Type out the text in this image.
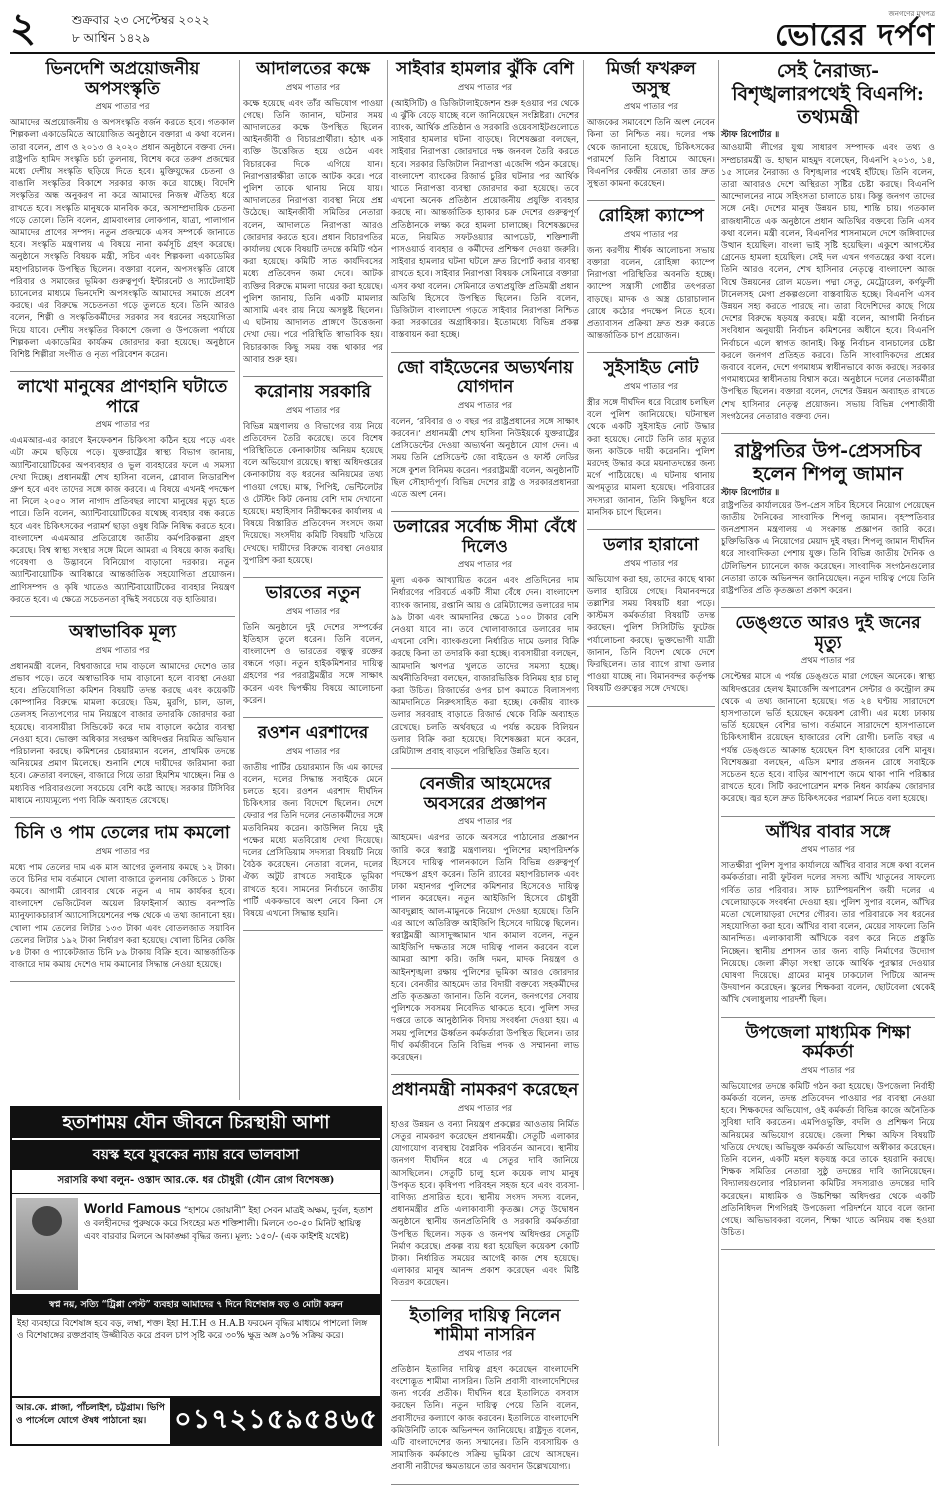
২	শুক্রবার ২৩ সেপ্টেম্বর ২০২২
৮ আশ্বিন ১৪২৯
জনগণের মুখপত্র
ভোরের দর্পণ
ভিনদেশি অপ্রয়োজনীয় অপসংস্কৃতি
প্রথম পাতার পর

আমাদের অপ্রয়োজনীয় ও অপসংস্কৃতি বর্জন করতে হবে। গতকাল শিল্পকলা একাডেমিতে আয়োজিত অনুষ্ঠানে বক্তারা এ কথা বলেন। তারা বলেন, প্রাণ ও ২০১৩ ও ২০২০ প্রধান অনুষ্ঠানে বক্তব্য দেন। রাষ্ট্রপতি হামিদ সংস্কৃতি চর্চা তুলনায়, বিশেষ করে তরুণ প্রজন্মের মধ্যে দেশীয় সংস্কৃতি ছড়িয়ে দিতে হবে। মুক্তিযুদ্ধের চেতনা ও বাঙালি সংস্কৃতির বিকাশে সরকার কাজ করে যাচ্ছে। বিদেশি সংস্কৃতির অন্ধ অনুকরণ না করে আমাদের নিজস্ব ঐতিহ্য ধরে রাখতে হবে। সংস্কৃতি মানুষকে মানবিক করে, অসাম্প্রদায়িক চেতনা গড়ে তোলে। তিনি বলেন, গ্রামবাংলার লোকগান, যাত্রা, পালাগান আমাদের প্রাণের সম্পদ। নতুন প্রজন্মকে এসব সম্পর্কে জানাতে হবে। সংস্কৃতি মন্ত্রণালয় এ বিষয়ে নানা কর্মসূচি গ্রহণ করেছে। অনুষ্ঠানে সংস্কৃতি বিষয়ক মন্ত্রী, সচিব এবং শিল্পকলা একাডেমির মহাপরিচালক উপস্থিত ছিলেন। বক্তারা বলেন, অপসংস্কৃতি রোধে পরিবার ও সমাজের ভূমিকা গুরুত্বপূর্ণ। ইন্টারনেট ও স্যাটেলাইট চ্যানেলের মাধ্যমে ভিনদেশি অপসংস্কৃতি আমাদের সমাজে প্রবেশ করছে। এর বিরুদ্ধে সচেতনতা গড়ে তুলতে হবে। তিনি আরও বলেন, শিল্পী ও সংস্কৃতিকর্মীদের সরকার সব ধরনের সহযোগিতা দিয়ে যাবে। দেশীয় সংস্কৃতির বিকাশে জেলা ও উপজেলা পর্যায়ে শিল্পকলা একাডেমির কার্যক্রম জোরদার করা হয়েছে। অনুষ্ঠানে বিশিষ্ট শিল্পীরা সংগীত ও নৃত্য পরিবেশন করেন।

লাখো মানুষের প্রাণহানি ঘটাতে পারে
প্রথম পাতার পর

এএমআর-এর কারণে ইনফেকশন চিকিৎসা কঠিন হয়ে পড়ে এবং এটা ক্রমে ছড়িয়ে পড়ে। যুক্তরাষ্ট্রের স্বাস্থ্য বিভাগ জানায়, অ্যান্টিবায়োটিকের অপব্যবহার ও ভুল ব্যবহারের ফলে এ সমস্যা দেখা দিচ্ছে। প্রধানমন্ত্রী শেখ হাসিনা বলেন, গ্লোবাল লিডারশিপ গ্রুপ হবে এবং তাদের সঙ্গে কাজ করবে। এ বিষয়ে এখনই পদক্ষেপ না নিলে ২০৫০ সাল নাগাদ প্রতিবছর লাখো মানুষের মৃত্যু হতে পারে। তিনি বলেন, অ্যান্টিবায়োটিকের যথেচ্ছ ব্যবহার বন্ধ করতে হবে এবং চিকিৎসকের পরামর্শ ছাড়া ওষুধ বিক্রি নিষিদ্ধ করতে হবে। বাংলাদেশ এএমআর প্রতিরোধে জাতীয় কর্মপরিকল্পনা গ্রহণ করেছে। বিশ্ব স্বাস্থ্য সংস্থার সঙ্গে মিলে আমরা এ বিষয়ে কাজ করছি। গবেষণা ও উদ্ভাবনে বিনিয়োগ বাড়ানো দরকার। নতুন অ্যান্টিবায়োটিক আবিষ্কারে আন্তর্জাতিক সহযোগিতা প্রয়োজন। প্রাণিসম্পদ ও কৃষি খাতেও অ্যান্টিবায়োটিকের ব্যবহার নিয়ন্ত্রণ করতে হবে। এ ক্ষেত্রে সচেতনতা বৃদ্ধিই সবচেয়ে বড় হাতিয়ার।

অস্বাভাবিক মূল্য
প্রথম পাতার পর

প্রধানমন্ত্রী বলেন, বিশ্ববাজারে দাম বাড়লে আমাদের দেশেও তার প্রভাব পড়ে। তবে অস্বাভাবিক দাম বাড়ানো হলে ব্যবস্থা নেওয়া হবে। প্রতিযোগিতা কমিশন বিষয়টি তদন্ত করছে এবং কয়েকটি কোম্পানির বিরুদ্ধে মামলা করেছে। ডিম, মুরগি, চাল, ডাল, তেলসহ নিত্যপণ্যের দাম নিয়ন্ত্রণে বাজার তদারকি জোরদার করা হয়েছে। ব্যবসায়ীরা সিন্ডিকেট করে দাম বাড়ালে কঠোর ব্যবস্থা নেওয়া হবে। ভোক্তা অধিকার সংরক্ষণ অধিদপ্তর নিয়মিত অভিযান পরিচালনা করছে। কমিশনের চেয়ারম্যান বলেন, প্রাথমিক তদন্তে অনিয়মের প্রমাণ মিলেছে। শুনানি শেষে দায়ীদের জরিমানা করা হবে। ক্রেতারা বলছেন, বাজারে গিয়ে তারা হিমশিম খাচ্ছেন। নিম্ন ও মধ্যবিত্ত পরিবারগুলো সবচেয়ে বেশি কষ্টে আছে। সরকার টিসিবির মাধ্যমে ন্যায্যমূল্যে পণ্য বিক্রি অব্যাহত রেখেছে।

চিনি ও পাম তেলের দাম কমলো
প্রথম পাতার পর

মধ্যে পাম তেলের দাম এক মাস আগের তুলনায় কমছে ১২ টাকা। তবে চিনির দাম বর্তমানে খোলা বাজারে তুলনায় কেজিতে ১ টাকা কমবে। আগামী রোববার থেকে নতুন এ দাম কার্যকর হবে। বাংলাদেশ ভেজিটেবল অয়েল রিফাইনার্স অ্যান্ড বনস্পতি ম্যানুফ্যাকচারার্স অ্যাসোসিয়েশনের পক্ষ থেকে এ তথ্য জানানো হয়। খোলা পাম তেলের লিটার ১৩৩ টাকা এবং বোতলজাত সয়াবিন তেলের লিটার ১৯২ টাকা নির্ধারণ করা হয়েছে। খোলা চিনির কেজি ৮৪ টাকা ও প্যাকেটজাত চিনি ৮৯ টাকায় বিক্রি হবে। আন্তর্জাতিক বাজারে দাম কমায় দেশেও দাম কমানোর সিদ্ধান্ত নেওয়া হয়েছে।

আদালতের কক্ষে
প্রথম পাতার পর

কক্ষে হয়েছে এবং তাঁর অভিযোগ পাওয়া গেছে। তিনি জানান, ঘটনার সময় আদালতের কক্ষে উপস্থিত ছিলেন আইনজীবী ও বিচারপ্রার্থীরা। হঠাৎ এক ব্যক্তি উত্তেজিত হয়ে ওঠেন এবং বিচারকের দিকে এগিয়ে যান। নিরাপত্তারক্ষীরা তাকে আটক করে। পরে পুলিশ তাকে থানায় নিয়ে যায়। আদালতের নিরাপত্তা ব্যবস্থা নিয়ে প্রশ্ন উঠেছে। আইনজীবী সমিতির নেতারা বলেন, আদালতে নিরাপত্তা আরও জোরদার করতে হবে। প্রধান বিচারপতির কার্যালয় থেকে বিষয়টি তদন্তে কমিটি গঠন করা হয়েছে। কমিটি সাত কার্যদিবসের মধ্যে প্রতিবেদন জমা দেবে। আটক ব্যক্তির বিরুদ্ধে মামলা দায়ের করা হয়েছে। পুলিশ জানায়, তিনি একটি মামলার আসামি এবং রায় নিয়ে অসন্তুষ্ট ছিলেন। এ ঘটনায় আদালত প্রাঙ্গণে উত্তেজনা দেখা দেয়। পরে পরিস্থিতি স্বাভাবিক হয়। বিচারকাজ কিছু সময় বন্ধ থাকার পর আবার শুরু হয়।

করোনায় সরকারি
প্রথম পাতার পর

বিভিন্ন মন্ত্রণালয় ও বিভাগের ব্যয় নিয়ে প্রতিবেদন তৈরি করেছে। তবে বিশেষ পরিস্থিতিতে কেনাকাটায় অনিয়ম হয়েছে বলে অভিযোগ রয়েছে। স্বাস্থ্য অধিদপ্তরের কেনাকাটায় বড় ধরনের অনিয়মের তথ্য পাওয়া গেছে। মাস্ক, পিপিই, ভেন্টিলেটর ও টেস্টিং কিট কেনায় বেশি দাম দেখানো হয়েছে। মহাহিসাব নিরীক্ষকের কার্যালয় এ বিষয়ে বিস্তারিত প্রতিবেদন সংসদে জমা দিয়েছে। সংসদীয় কমিটি বিষয়টি খতিয়ে দেখছে। দায়ীদের বিরুদ্ধে ব্যবস্থা নেওয়ার সুপারিশ করা হয়েছে।

ভারতের নতুন
প্রথম পাতার পর

তিনি অনুষ্ঠানে দুই দেশের সম্পর্কের ইতিহাস তুলে ধরেন। তিনি বলেন, বাংলাদেশ ও ভারতের বন্ধুত্ব রক্তের বন্ধনে গড়া। নতুন হাইকমিশনার দায়িত্ব গ্রহণের পর পররাষ্ট্রমন্ত্রীর সঙ্গে সাক্ষাৎ করেন এবং দ্বিপক্ষীয় বিষয়ে আলোচনা করেন।

রওশন এরশাদের
প্রথম পাতার পর

জাতীয় পার্টির চেয়ারম্যান জি এম কাদের বলেন, দলের সিদ্ধান্ত সবাইকে মেনে চলতে হবে। রওশন এরশাদ দীর্ঘদিন চিকিৎসার জন্য বিদেশে ছিলেন। দেশে ফেরার পর তিনি দলের নেতাকর্মীদের সঙ্গে মতবিনিময় করেন। কাউন্সিল নিয়ে দুই পক্ষের মধ্যে মতবিরোধ দেখা দিয়েছে। দলের প্রেসিডিয়াম সদস্যরা বিষয়টি নিয়ে বৈঠক করেছেন। নেতারা বলেন, দলের ঐক্য অটুট রাখতে সবাইকে ভূমিকা রাখতে হবে। সামনের নির্বাচনে জাতীয় পার্টি এককভাবে অংশ নেবে কিনা সে বিষয়ে এখনো সিদ্ধান্ত হয়নি।

সাইবার হামলার ঝুঁকি বেশি
প্রথম পাতার পর

(আইসিটি) ও ডিজিটালাইজেশন শুরু হওয়ার পর থেকে এ ঝুঁকি বেড়ে যাচ্ছে বলে জানিয়েছেন সংশ্লিষ্টরা। দেশের ব্যাংক, আর্থিক প্রতিষ্ঠান ও সরকারি ওয়েবসাইটগুলোতে সাইবার হামলার ঘটনা বাড়ছে। বিশেষজ্ঞরা বলছেন, সাইবার নিরাপত্তা জোরদারে দক্ষ জনবল তৈরি করতে হবে। সরকার ডিজিটাল নিরাপত্তা এজেন্সি গঠন করেছে। বাংলাদেশ ব্যাংকের রিজার্ভ চুরির ঘটনার পর আর্থিক খাতে নিরাপত্তা ব্যবস্থা জোরদার করা হয়েছে। তবে এখনো অনেক প্রতিষ্ঠান প্রয়োজনীয় প্রযুক্তি ব্যবহার করছে না। আন্তর্জাতিক হ্যাকার চক্র দেশের গুরুত্বপূর্ণ প্রতিষ্ঠানকে লক্ষ্য করে হামলা চালাচ্ছে। বিশেষজ্ঞদের মতে, নিয়মিত সফটওয়্যার আপডেট, শক্তিশালী পাসওয়ার্ড ব্যবহার ও কর্মীদের প্রশিক্ষণ দেওয়া জরুরি। সাইবার হামলার ঘটনা ঘটলে দ্রুত রিপোর্ট করার ব্যবস্থা রাখতে হবে। সাইবার নিরাপত্তা বিষয়ক সেমিনারে বক্তারা এসব কথা বলেন। সেমিনারে তথ্যপ্রযুক্তি প্রতিমন্ত্রী প্রধান অতিথি হিসেবে উপস্থিত ছিলেন। তিনি বলেন, ডিজিটাল বাংলাদেশ গড়তে সাইবার নিরাপত্তা নিশ্চিত করা সরকারের অগ্রাধিকার। ইতোমধ্যে বিভিন্ন প্রকল্প বাস্তবায়ন করা হচ্ছে।

জো বাইডেনের অভ্যর্থনায় যোগদান
প্রথম পাতার পর

বলেন, ‘রবিবার ও ৩ বছর পর রাষ্ট্রপ্রধানের সঙ্গে সাক্ষাৎ করবেন।’ প্রধানমন্ত্রী শেখ হাসিনা নিউইয়র্কে যুক্তরাষ্ট্রের প্রেসিডেন্টের দেওয়া অভ্যর্থনা অনুষ্ঠানে যোগ দেন। এ সময় তিনি প্রেসিডেন্ট জো বাইডেন ও ফার্স্ট লেডির সঙ্গে কুশল বিনিময় করেন। পররাষ্ট্রমন্ত্রী বলেন, অনুষ্ঠানটি ছিল সৌহার্দ্যপূর্ণ। বিভিন্ন দেশের রাষ্ট্র ও সরকারপ্রধানরা এতে অংশ নেন।

ডলারের সর্বোচ্চ সীমা বেঁধে দিলেও
প্রথম পাতার পর

মূল্য একক আখ্যায়িত করেন এবং প্রতিদিনের দাম নির্ধারণের পরিবর্তে একটি সীমা বেঁধে দেন। বাংলাদেশ ব্যাংক জানায়, রপ্তানি আয় ও রেমিট্যান্সের ডলারের দাম ৯৯ টাকা এবং আমদানির ক্ষেত্রে ১০০ টাকার বেশি নেওয়া যাবে না। তবে খোলাবাজারে ডলারের দাম এখনো বেশি। ব্যাংকগুলো নির্ধারিত দামে ডলার বিক্রি করছে কিনা তা তদারকি করা হচ্ছে। ব্যবসায়ীরা বলছেন, আমদানি ঋণপত্র খুলতে তাদের সমস্যা হচ্ছে। অর্থনীতিবিদরা বলছেন, বাজারভিত্তিক বিনিময় হার চালু করা উচিত। রিজার্ভের ওপর চাপ কমাতে বিলাসপণ্য আমদানিতে নিরুৎসাহিত করা হচ্ছে। কেন্দ্রীয় ব্যাংক ডলার সরবরাহ বাড়াতে রিজার্ভ থেকে বিক্রি অব্যাহত রেখেছে। চলতি অর্থবছরে এ পর্যন্ত কয়েক বিলিয়ন ডলার বিক্রি করা হয়েছে। বিশেষজ্ঞরা মনে করেন, রেমিট্যান্স প্রবাহ বাড়লে পরিস্থিতির উন্নতি হবে।

বেনজীর আহমেদের অবসরের প্রজ্ঞাপন
প্রথম পাতার পর

আহমেদ। এরপর তাকে অবসরে পাঠানোর প্রজ্ঞাপন জারি করে স্বরাষ্ট্র মন্ত্রণালয়। পুলিশের মহাপরিদর্শক হিসেবে দায়িত্ব পালনকালে তিনি বিভিন্ন গুরুত্বপূর্ণ পদক্ষেপ গ্রহণ করেন। তিনি র‍্যাবের মহাপরিচালক এবং ঢাকা মহানগর পুলিশের কমিশনার হিসেবেও দায়িত্ব পালন করেছেন। নতুন আইজিপি হিসেবে চৌধুরী আবদুল্লাহ আল-মামুনকে নিয়োগ দেওয়া হয়েছে। তিনি এর আগে অতিরিক্ত আইজিপি হিসেবে দায়িত্বে ছিলেন। স্বরাষ্ট্রমন্ত্রী আসাদুজ্জামান খান কামাল বলেন, নতুন আইজিপি দক্ষতার সঙ্গে দায়িত্ব পালন করবেন বলে আমরা আশা করি। জঙ্গি দমন, মাদক নিয়ন্ত্রণ ও আইনশৃঙ্খলা রক্ষায় পুলিশের ভূমিকা আরও জোরদার হবে। বেনজীর আহমেদ তার বিদায়ী বক্তব্যে সহকর্মীদের প্রতি কৃতজ্ঞতা জানান। তিনি বলেন, জনগণের সেবায় পুলিশকে সবসময় নিবেদিত থাকতে হবে। পুলিশ সদর দপ্তরে তাকে আনুষ্ঠানিক বিদায় সংবর্ধনা দেওয়া হয়। এ সময় পুলিশের ঊর্ধ্বতন কর্মকর্তারা উপস্থিত ছিলেন। তার দীর্ঘ কর্মজীবনে তিনি বিভিন্ন পদক ও সম্মাননা লাভ করেছেন।

প্রধানমন্ত্রী নামকরণ করেছেন
প্রথম পাতার পর

হাওর উন্নয়ন ও বন্যা নিয়ন্ত্রণ প্রকল্পের আওতায় নির্মিত সেতুর নামকরণ করেছেন প্রধানমন্ত্রী। সেতুটি এলাকার যোগাযোগ ব্যবস্থায় বৈপ্লবিক পরিবর্তন আনবে। স্থানীয় জনগণ দীর্ঘদিন ধরে এ সেতুর দাবি জানিয়ে আসছিলেন। সেতুটি চালু হলে কয়েক লাখ মানুষ উপকৃত হবে। কৃষিপণ্য পরিবহন সহজ হবে এবং ব্যবসা-বাণিজ্য প্রসারিত হবে। স্থানীয় সংসদ সদস্য বলেন, প্রধানমন্ত্রীর প্রতি এলাকাবাসী কৃতজ্ঞ। সেতু উদ্বোধন অনুষ্ঠানে স্থানীয় জনপ্রতিনিধি ও সরকারি কর্মকর্তারা উপস্থিত ছিলেন। সড়ক ও জনপথ অধিদপ্তর সেতুটি নির্মাণ করেছে। প্রকল্প ব্যয় ধরা হয়েছিল কয়েকশ কোটি টাকা। নির্ধারিত সময়ের আগেই কাজ শেষ হয়েছে। এলাকার মানুষ আনন্দ প্রকাশ করেছেন এবং মিষ্টি বিতরণ করেছেন।

ইতালির দায়িত্ব নিলেন শামীমা নাসরিন
প্রথম পাতার পর

প্রতিষ্ঠান ইতালির দায়িত্ব গ্রহণ করেছেন বাংলাদেশি বংশোদ্ভূত শামীমা নাসরিন। তিনি প্রবাসী বাংলাদেশিদের জন্য গর্বের প্রতীক। দীর্ঘদিন ধরে ইতালিতে বসবাস করছেন তিনি। নতুন দায়িত্ব পেয়ে তিনি বলেন, প্রবাসীদের কল্যাণে কাজ করবেন। ইতালিতে বাংলাদেশি কমিউনিটি তাকে অভিনন্দন জানিয়েছে। রাষ্ট্রদূত বলেন, এটি বাংলাদেশের জন্য সম্মানের। তিনি ব্যবসায়িক ও সামাজিক কর্মকাণ্ডে সক্রিয় ভূমিকা রেখে আসছেন। প্রবাসী নারীদের ক্ষমতায়নে তার অবদান উল্লেখযোগ্য।

মির্জা ফখরুল অসুস্থ
প্রথম পাতার পর

আজকের সমাবেশে তিনি অংশ নেবেন কিনা তা নিশ্চিত নয়। দলের পক্ষ থেকে জানানো হয়েছে, চিকিৎসকের পরামর্শে তিনি বিশ্রামে আছেন। বিএনপির কেন্দ্রীয় নেতারা তার দ্রুত সুস্থতা কামনা করেছেন।

রোহিঙ্গা ক্যাম্পে
প্রথম পাতার পর

জন্য করণীয় শীর্ষক আলোচনা সভায় বক্তারা বলেন, রোহিঙ্গা ক্যাম্পে নিরাপত্তা পরিস্থিতির অবনতি হচ্ছে। ক্যাম্পে সন্ত্রাসী গোষ্ঠীর তৎপরতা বাড়ছে। মাদক ও অস্ত্র চোরাচালান রোধে কঠোর পদক্ষেপ নিতে হবে। প্রত্যাবাসন প্রক্রিয়া দ্রুত শুরু করতে আন্তর্জাতিক চাপ প্রয়োজন।

সুইসাইড নোট
প্রথম পাতার পর

স্ত্রীর সঙ্গে দীর্ঘদিন ধরে বিরোধ চলছিল বলে পুলিশ জানিয়েছে। ঘটনাস্থল থেকে একটি সুইসাইড নোট উদ্ধার করা হয়েছে। নোটে তিনি তার মৃত্যুর জন্য কাউকে দায়ী করেননি। পুলিশ মরদেহ উদ্ধার করে ময়নাতদন্তের জন্য মর্গে পাঠিয়েছে। এ ঘটনায় থানায় অপমৃত্যুর মামলা হয়েছে। পরিবারের সদস্যরা জানান, তিনি কিছুদিন ধরে মানসিক চাপে ছিলেন।

ডলার হারানো
প্রথম পাতার পর

অভিযোগ করা হয়, তাদের কাছে থাকা ডলার হারিয়ে গেছে। বিমানবন্দরে তল্লাশির সময় বিষয়টি ধরা পড়ে। কাস্টমস কর্মকর্তারা বিষয়টি তদন্ত করছেন। পুলিশ সিসিটিভি ফুটেজ পর্যালোচনা করছে। ভুক্তভোগী যাত্রী জানান, তিনি বিদেশ থেকে দেশে ফিরছিলেন। তার ব্যাগে রাখা ডলার পাওয়া যাচ্ছে না। বিমানবন্দর কর্তৃপক্ষ বিষয়টি গুরুত্বের সঙ্গে দেখছে।

সেই নৈরাজ্য-বিশৃঙ্খলারপথেই বিএনপি: তথ্যমন্ত্রী

স্টাফ রিপোর্টার ॥

আওয়ামী লীগের যুগ্ম সাধারণ সম্পাদক এবং তথ্য ও সম্প্রচারমন্ত্রী ড. হাছান মাহমুদ বলেছেন, বিএনপি ২০১৩, ১৪, ১৫ সালের নৈরাজ্য ও বিশৃঙ্খলার পথেই হাঁটছে। তিনি বলেন, তারা আবারও দেশে অস্থিরতা সৃষ্টির চেষ্টা করছে। বিএনপি আন্দোলনের নামে সহিংসতা চালাতে চায়। কিন্তু জনগণ তাদের সঙ্গে নেই। দেশের মানুষ উন্নয়ন চায়, শান্তি চায়। গতকাল রাজধানীতে এক অনুষ্ঠানে প্রধান অতিথির বক্তব্যে তিনি এসব কথা বলেন। মন্ত্রী বলেন, বিএনপির শাসনামলে দেশে জঙ্গিবাদের উত্থান হয়েছিল। বাংলা ভাই সৃষ্টি হয়েছিল। একুশে আগস্টের গ্রেনেড হামলা হয়েছিল। সেই দল এখন গণতন্ত্রের কথা বলে। তিনি আরও বলেন, শেখ হাসিনার নেতৃত্বে বাংলাদেশ আজ বিশ্বে উন্নয়নের রোল মডেল। পদ্মা সেতু, মেট্রোরেল, কর্ণফুলী টানেলসহ মেগা প্রকল্পগুলো বাস্তবায়িত হচ্ছে। বিএনপি এসব উন্নয়ন সহ্য করতে পারছে না। তারা বিদেশিদের কাছে গিয়ে দেশের বিরুদ্ধে ষড়যন্ত্র করছে। মন্ত্রী বলেন, আগামী নির্বাচন সংবিধান অনুযায়ী নির্বাচন কমিশনের অধীনে হবে। বিএনপি নির্বাচনে এলে স্বাগত জানাই। কিন্তু নির্বাচন বানচালের চেষ্টা করলে জনগণ প্রতিহত করবে। তিনি সাংবাদিকদের প্রশ্নের জবাবে বলেন, দেশে গণমাধ্যম স্বাধীনভাবে কাজ করছে। সরকার গণমাধ্যমের স্বাধীনতায় বিশ্বাস করে। অনুষ্ঠানে দলের নেতাকর্মীরা উপস্থিত ছিলেন। বক্তারা বলেন, দেশের উন্নয়ন অব্যাহত রাখতে শেখ হাসিনার নেতৃত্ব প্রয়োজন। সভায় বিভিন্ন পেশাজীবী সংগঠনের নেতারাও বক্তব্য দেন।

রাষ্ট্রপতির উপ-প্রেসসচিব হলেন শিপলু জামান

স্টাফ রিপোর্টার ॥

রাষ্ট্রপতির কার্যালয়ের উপ-প্রেস সচিব হিসেবে নিয়োগ পেয়েছেন জাতীয় দৈনিকের সাংবাদিক শিপলু জামান। বৃহস্পতিবার জনপ্রশাসন মন্ত্রণালয় এ সংক্রান্ত প্রজ্ঞাপন জারি করে। চুক্তিভিত্তিক এ নিয়োগের মেয়াদ দুই বছর। শিপলু জামান দীর্ঘদিন ধরে সাংবাদিকতা পেশায় যুক্ত। তিনি বিভিন্ন জাতীয় দৈনিক ও টেলিভিশন চ্যানেলে কাজ করেছেন। সাংবাদিক সংগঠনগুলোর নেতারা তাকে অভিনন্দন জানিয়েছেন। নতুন দায়িত্ব পেয়ে তিনি রাষ্ট্রপতির প্রতি কৃতজ্ঞতা প্রকাশ করেন।

ডেঙ্গুতে আরও দুই জনের মৃত্যু
প্রথম পাতার পর

সেপ্টেম্বর মাসে এ পর্যন্ত ডেঙ্গুতে মারা গেছেন অনেকে। স্বাস্থ্য অধিদপ্তরের হেলথ ইমার্জেন্সি অপারেশন সেন্টার ও কন্ট্রোল রুম থেকে এ তথ্য জানানো হয়েছে। গত ২৪ ঘণ্টায় সারাদেশে হাসপাতালে ভর্তি হয়েছেন কয়েকশ রোগী। এর মধ্যে ঢাকায় ভর্তি হয়েছেন বেশির ভাগ। বর্তমানে সারাদেশে হাসপাতালে চিকিৎসাধীন রয়েছেন হাজারের বেশি রোগী। চলতি বছর এ পর্যন্ত ডেঙ্গুতে আক্রান্ত হয়েছেন বিশ হাজারের বেশি মানুষ। বিশেষজ্ঞরা বলছেন, এডিস মশার প্রজনন রোধে সবাইকে সচেতন হতে হবে। বাড়ির আশপাশে জমে থাকা পানি পরিষ্কার রাখতে হবে। সিটি করপোরেশন মশক নিধন কার্যক্রম জোরদার করেছে। জ্বর হলে দ্রুত চিকিৎসকের পরামর্শ নিতে বলা হয়েছে।

আঁখির বাবার সঙ্গে
প্রথম পাতার পর

সাতক্ষীরা পুলিশ সুপার কার্যালয়ে আঁখির বাবার সঙ্গে কথা বলেন কর্মকর্তারা। নারী ফুটবল দলের সদস্য আঁখি খাতুনের সাফল্যে গর্বিত তার পরিবার। সাফ চ্যাম্পিয়নশিপ জয়ী দলের এ খেলোয়াড়কে সংবর্ধনা দেওয়া হয়। পুলিশ সুপার বলেন, আঁখির মতো খেলোয়াড়রা দেশের গৌরব। তার পরিবারকে সব ধরনের সহযোগিতা করা হবে। আঁখির বাবা বলেন, মেয়ের সাফল্যে তিনি আনন্দিত। এলাকাবাসী আঁখিকে বরণ করে নিতে প্রস্তুতি নিচ্ছেন। স্থানীয় প্রশাসন তার জন্য বাড়ি নির্মাণের উদ্যোগ নিয়েছে। জেলা ক্রীড়া সংস্থা তাকে আর্থিক পুরস্কার দেওয়ার ঘোষণা দিয়েছে। গ্রামের মানুষ ঢাকঢোল পিটিয়ে আনন্দ উদযাপন করেছেন। স্কুলের শিক্ষকরা বলেন, ছোটবেলা থেকেই আঁখি খেলাধুলায় পারদর্শী ছিল।

উপজেলা মাধ্যমিক শিক্ষা কর্মকর্তা
প্রথম পাতার পর

অভিযোগের তদন্তে কমিটি গঠন করা হয়েছে। উপজেলা নির্বাহী কর্মকর্তা বলেন, তদন্ত প্রতিবেদন পাওয়ার পর ব্যবস্থা নেওয়া হবে। শিক্ষকদের অভিযোগ, ওই কর্মকর্তা বিভিন্ন কাজে অনৈতিক সুবিধা দাবি করতেন। এমপিওভুক্তি, বদলি ও প্রশিক্ষণ নিয়ে অনিয়মের অভিযোগ রয়েছে। জেলা শিক্ষা অফিস বিষয়টি খতিয়ে দেখছে। অভিযুক্ত কর্মকর্তা অভিযোগ অস্বীকার করেছেন। তিনি বলেন, একটি মহল ষড়যন্ত্র করে তাকে হয়রানি করছে। শিক্ষক সমিতির নেতারা সুষ্ঠু তদন্তের দাবি জানিয়েছেন। বিদ্যালয়গুলোর পরিচালনা কমিটির সদস্যরাও তদন্তের দাবি করেছেন। মাধ্যমিক ও উচ্চশিক্ষা অধিদপ্তর থেকে একটি প্রতিনিধিদল শিগগিরই উপজেলা পরিদর্শনে যাবে বলে জানা গেছে। অভিভাবকরা বলেন, শিক্ষা খাতে অনিয়ম বন্ধ হওয়া উচিত।

হতাশাময় যৌন জীবনে চিরস্থায়ী আশা
বয়স্ক হবে যুবকের ন্যায় রবে ভালবাসা
সরাসরি কথা বলুন- ওস্তাদ আর.কে. ধর চৌধুরী (যৌন রোগ বিশেষজ্ঞ)
World Famous “হাশমে জোয়ানী” ইহা সেবন মাত্রই অক্ষম, দুর্বল, হতাশ ও বলহীনদের পুরুষকে করে সিংহের মত শক্তিশালী। মিলনে ৩০-৫০ মিনিট স্থায়িত্ব এবং বারবার মিলনে আকাঙ্ক্ষা বৃদ্ধির জন্য। মূল্য: ১৫০/- (এক কাইশই যথেষ্ট)
স্বপ্ন নয়, সত্যি “ট্রিপ্পা পেস্ট” ব্যবহার আমাদের ৭ দিনে বিশেষাঙ্গ বড় ও মোটা করুন
ইহা ব্যবহারে বিশেষাঙ্গ হবে বড়, লম্বা, শক্ত। ইহা H.T.H ও H.A.B ফরমেন বৃদ্ধির মাধ্যমে পাশলো লিঙ্গ ও বিশেষাঙ্গের রক্তপ্রবাহ উজ্জীবিত করে প্রবল চাপ সৃষ্টি করে ৩০% ক্ষুদ্র অঙ্গ ৯০% সক্রিয় করে।
আর.কে. প্লাজা, পাঁচলাইশ, চট্টগ্রাম। ভিপি ও পার্সেলে যোগে ঔষধ পাঠানো হয়।	০১৭২১৫৯৫৪৬৫
